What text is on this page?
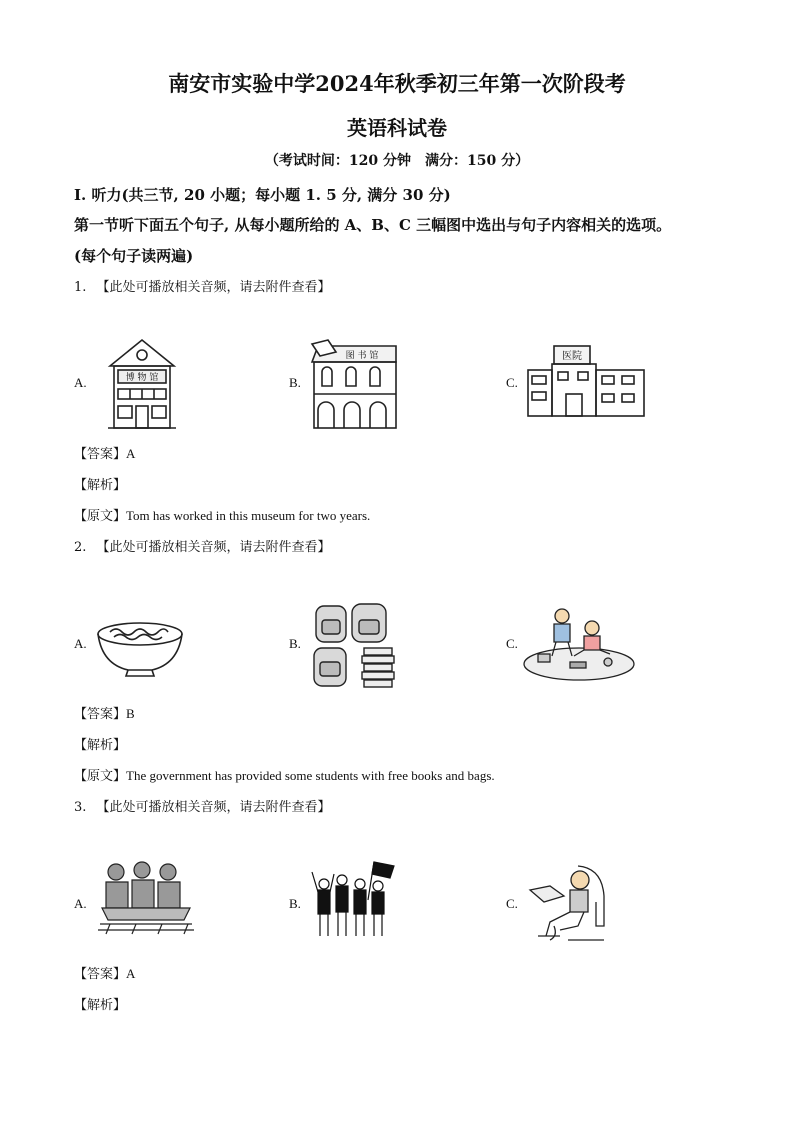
南安市实验中学2024年秋季初三年第一次阶段考
英语科试卷
（考试时间：120 分钟　满分：150 分）
Ⅰ. 听力(共三节, 20 小题；每小题 1. 5 分, 满分 30 分)
第一节听下面五个句子, 从每小题所给的 A、B、C 三幅图中选出与句子内容相关的选项。
(每个句子读两遍)
1. 【此处可播放相关音频，请去附件查看】
A.	博 物 馆	B.
图 书 馆
C.
医院
【答案】A
【解析】
【原文】Tom has worked in this museum for two years.
2. 【此处可播放相关音频，请去附件查看】
A.	B.	C.
【答案】B
【解析】
【原文】The government has provided some students with free books and bags.
3. 【此处可播放相关音频，请去附件查看】
A.	B.	C.
【答案】A
【解析】
